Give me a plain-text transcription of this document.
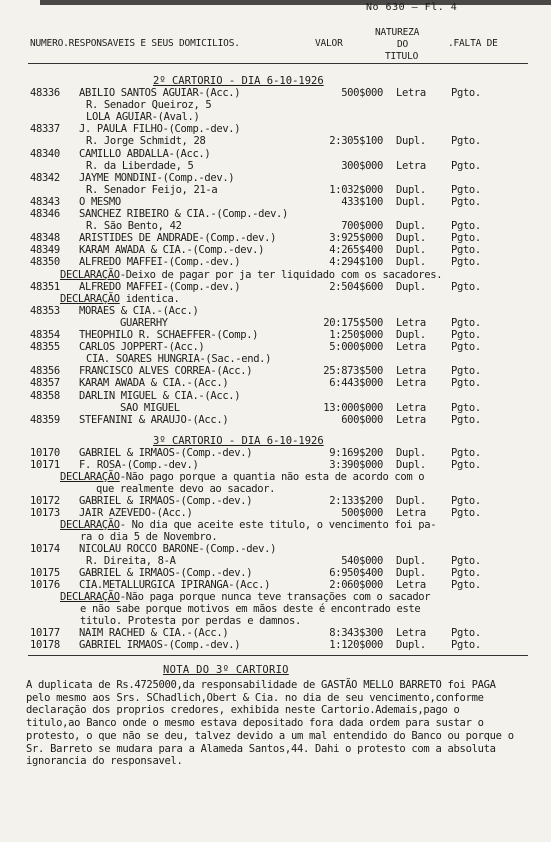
No 630 — Fl. 4
NUMERO.RESPONSAVEIS E SEUS DOMICILIOS.	VALOR
NATUREZA
DO
TITULO
.FALTA DE
2º CARTORIO - DIA 6-10-1926
48336 ABILIO SANTOS AGUIAR-(Acc.)	500$000 Letra Pgto.
R. Senador Queiroz, 5
LOLA AGUIAR-(Aval.)
48337 J. PAULA FILHO-(Comp.-dev.)
R. Jorge Schmidt, 28	2:305$100 Dupl. Pgto.
48340 CAMILLO ABDALLA-(Acc.)
R. da Liberdade, 5	300$000 Letra Pgto.
48342 JAYME MONDINI-(Comp.-dev.)
R. Senador Feijo, 21-a	1:032$000 Dupl. Pgto.
48343 O MESMO	433$100 Dupl. Pgto.
48346 SANCHEZ RIBEIRO & CIA.-(Comp.-dev.)
R. São Bento, 42	700$000 Dupl. Pgto.
48348 ARISTIDES DE ANDRADE-(Comp.-dev.)	3:925$000 Dupl. Pgto.
48349 KARAM AWADA & CIA.-(Comp.-dev.)	4:265$400 Dupl. Pgto.
48350 ALFREDO MAFFEI-(Comp.-dev.)	4:294$100 Dupl. Pgto.
DECLARAÇÃO-Deixo de pagar por ja ter liquidado com os sacadores.
48351 ALFREDO MAFFEI-(Comp.-dev.)	2:504$600 Dupl. Pgto.
DECLARAÇÃO identica.
48353 MORAES & CIA.-(Acc.)
GUARERHY	20:175$500 Letra Pgto.
48354 THEOPHILO R. SCHAEFFER-(Comp.)	1:250$000 Dupl. Pgto.
48355 CARLOS JOPPERT-(Acc.)	5:000$000 Letra Pgto.
CIA. SOARES HUNGRIA-(Sac.-end.)
48356 FRANCISCO ALVES CORREA-(Acc.)	25:873$500 Letra Pgto.
48357 KARAM AWADA & CIA.-(Acc.)	6:443$000 Letra Pgto.
48358 DARLIN MIGUEL & CIA.-(Acc.)
SAO MIGUEL	13:000$000 Letra Pgto.
48359 STEFANINI & ARAUJO-(Acc.)	600$000 Letra Pgto.
3º CARTORIO - DIA 6-10-1926
10170 GABRIEL & IRMAOS-(Comp.-dev.)	9:169$200 Dupl. Pgto.
10171 F. ROSA-(Comp.-dev.)	3:390$000 Dupl. Pgto.
DECLARAÇÃO-Não pago porque a quantia não esta de acordo com o
que realmente devo ao sacador.
10172 GABRIEL & IRMAOS-(Comp.-dev.)	2:133$200 Dupl. Pgto.
10173 JAIR AZEVEDO-(Acc.)	500$000 Letra Pgto.
DECLARAÇÃO- No dia que aceite este titulo, o vencimento foi pa-
ra o dia 5 de Novembro.
10174 NICOLAU ROCCO BARONE-(Comp.-dev.)
R. Direita, 8-A	540$000 Dupl. Pgto.
10175 GABRIEL & IRMAOS-(Comp.-dev.)	6:950$400 Dupl. Pgto.
10176 CIA.METALLURGICA IPIRANGA-(Acc.)	2:060$000 Letra Pgto.
DECLARAÇÃO-Não paga porque nunca teve transações com o sacador
e não sabe porque motivos em mãos deste é encontrado este
titulo. Protesta por perdas e damnos.
10177 NAIM RACHED & CIA.-(Acc.)	8:343$300 Letra Pgto.
10178 GABRIEL IRMAOS-(Comp.-dev.)	1:120$000 Dupl. Pgto.
NOTA DO 3º CARTORIO
A duplicata de Rs.4725000,da responsabilidade de GASTÃO MELLO BARRETO foi PAGA pelo mesmo aos Srs. SChadlich,Obert & Cia. no dia de seu vencimento,conforme declaração dos proprios credores, exhibida neste Cartorio.Ademais,pago o titulo,ao Banco onde o mesmo estava depositado fora dada ordem para sustar o protesto, o que não se deu, talvez devido a um mal entendido do Banco ou porque o Sr. Barreto se mudara para a Alameda Santos,44. Dahi o protesto com a absoluta ignorancia do responsavel.
